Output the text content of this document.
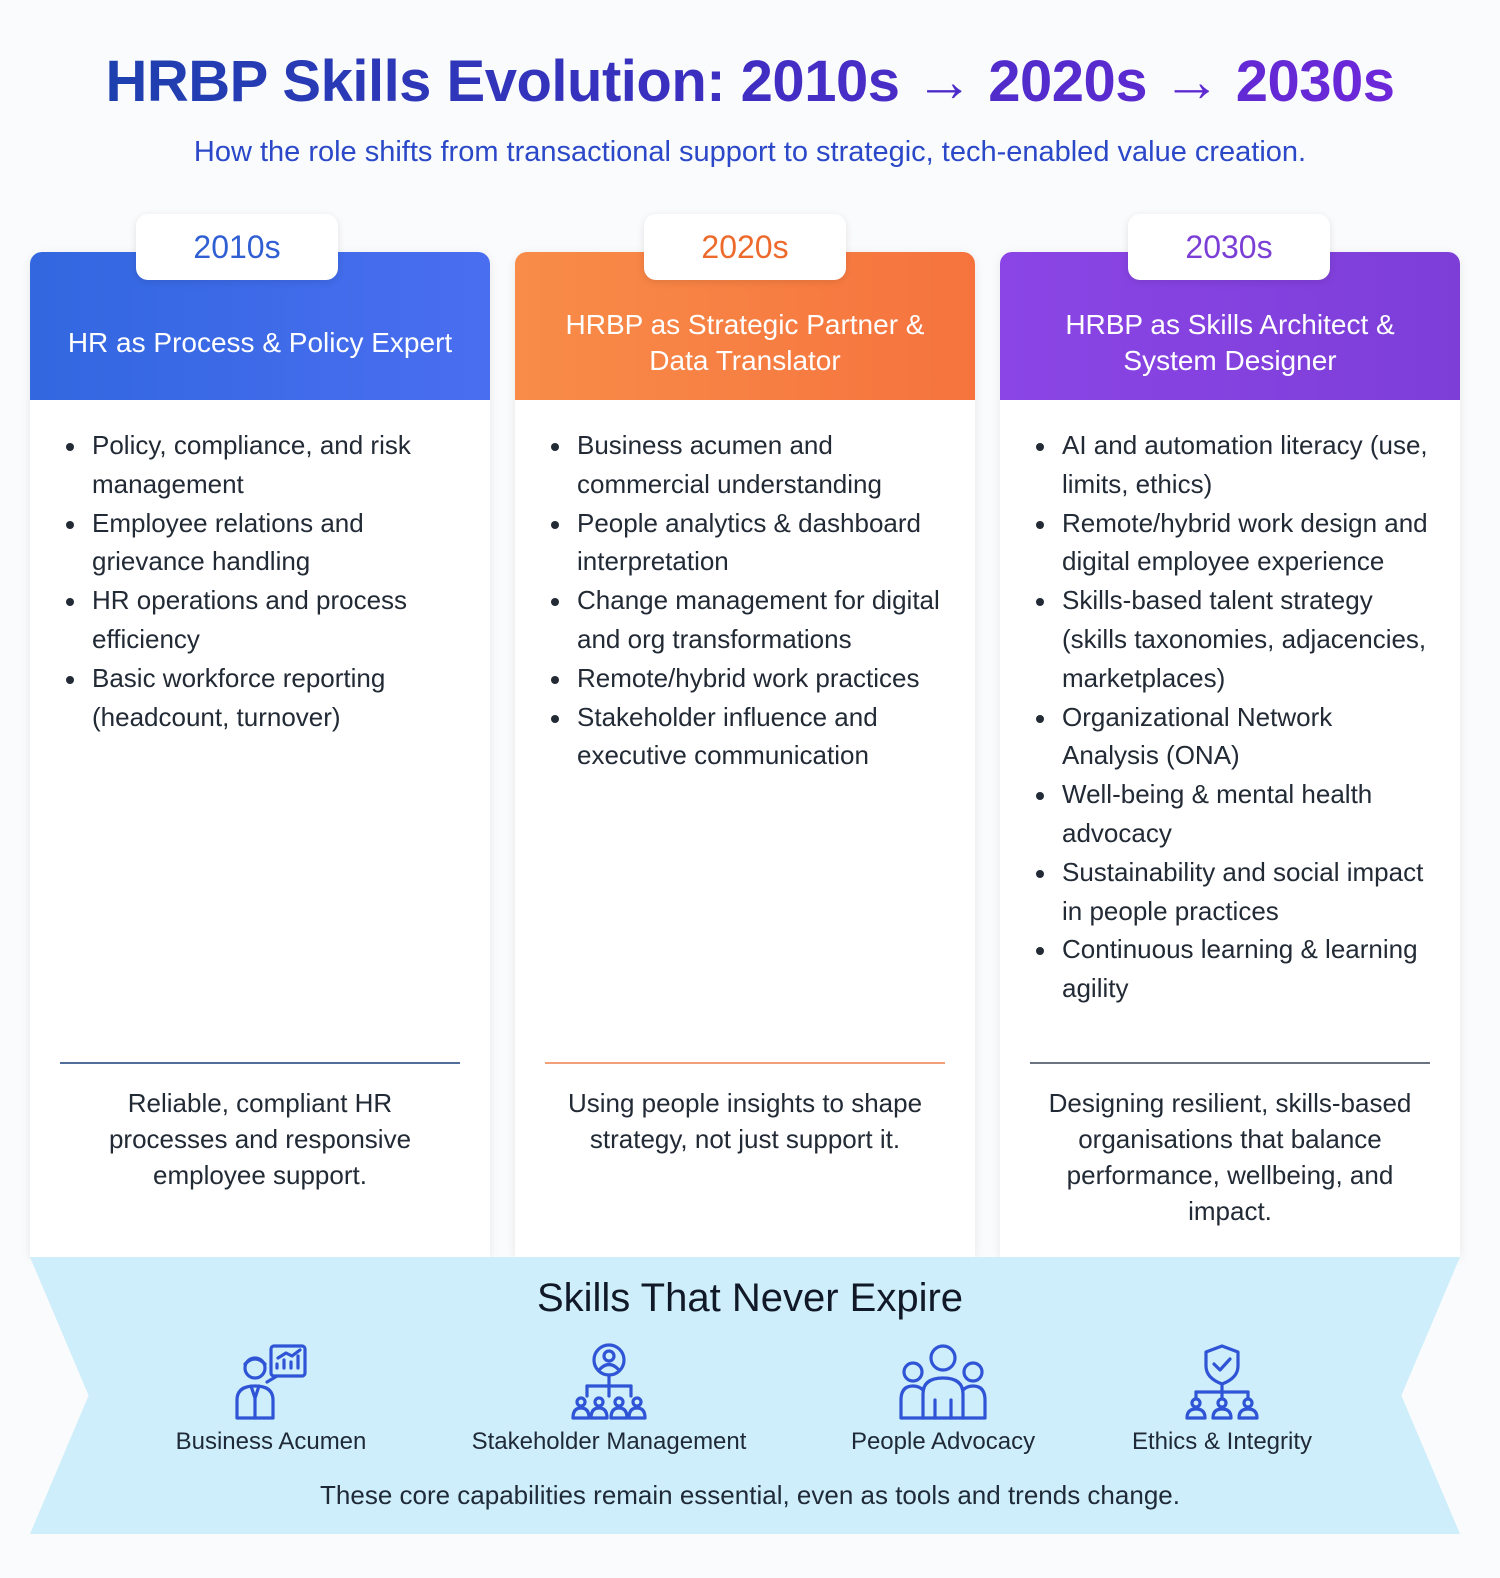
HRBP Skills Evolution: 2010s → 2020s → 2030s
How the role shifts from transactional support to strategic, tech-enabled value creation.
HR as Process & Policy Expert
2010s
Policy, compliance, and risk management
Employee relations and grievance handling
HR operations and process efficiency
Basic workforce reporting (headcount, turnover)
Reliable, compliant HR processes and responsive employee support.
HRBP as Strategic Partner & Data Translator
2020s
Business acumen and commercial understanding
People analytics & dashboard interpretation
Change management for digital and org transformations
Remote/hybrid work practices
Stakeholder influence and executive communication
Using people insights to shape strategy, not just support it.
HRBP as Skills Architect & System Designer
2030s
AI and automation literacy (use, limits, ethics)
Remote/hybrid work design and digital employee experience
Skills-based talent strategy (skills taxonomies, adjacencies, marketplaces)
Organizational Network Analysis (ONA)
Well-being & mental health advocacy
Sustainability and social impact in people practices
Continuous learning & learning agility
Designing resilient, skills-based organisations that balance performance, wellbeing, and impact.
Skills That Never Expire
Business Acumen	Stakeholder Management	People Advocacy	Ethics & Integrity
These core capabilities remain essential, even as tools and trends change.
